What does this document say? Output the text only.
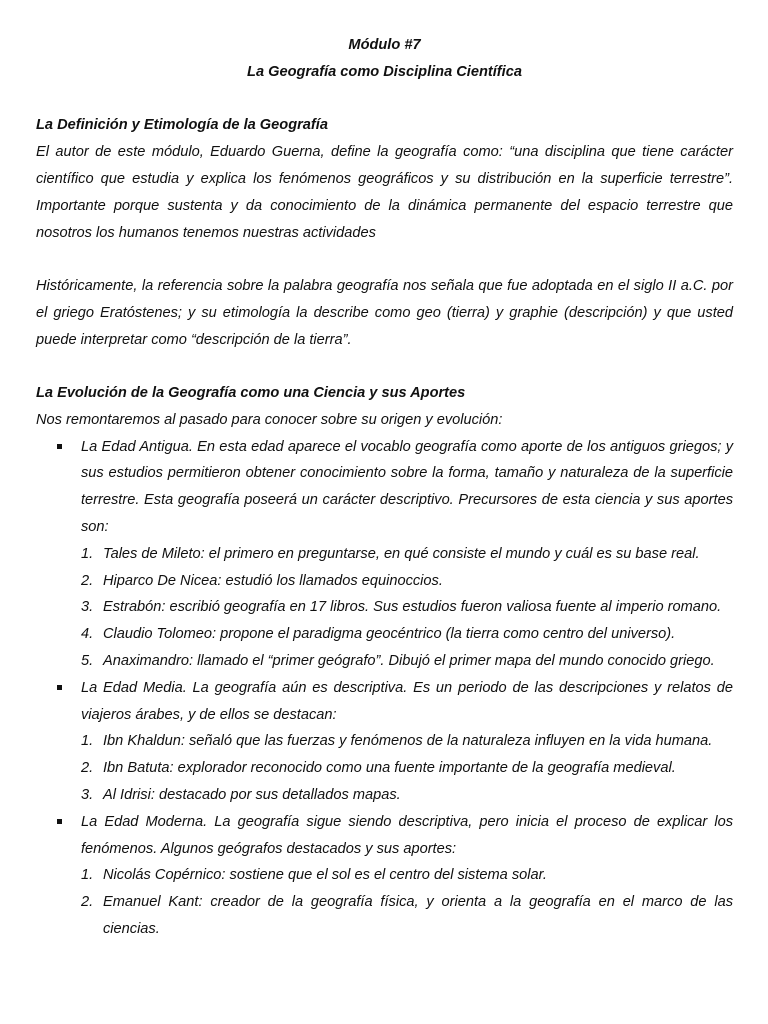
Módulo #7

La Geografía como Disciplina Científica

La Definición y Etimología de la Geografía

El autor de este módulo, Eduardo Guerna, define la geografía como: “una disciplina que tiene carácter científico que estudia y explica los fenómenos geográficos y su distribución en la superficie terrestre”. Importante porque sustenta y da conocimiento de la dinámica permanente del espacio terrestre que nosotros los humanos tenemos nuestras actividades

Históricamente, la referencia sobre la palabra geografía nos señala que fue adoptada en el siglo II a.C. por el griego Eratóstenes; y su etimología la describe como geo (tierra) y graphie (descripción) y que usted puede interpretar como “descripción de la tierra”.

La Evolución de la Geografía como una Ciencia y sus Aportes

Nos remontaremos al pasado para conocer sobre su origen y evolución:

La Edad Antigua. En esta edad aparece el vocablo geografía como aporte de los antiguos griegos; y sus estudios permitieron obtener conocimiento sobre la forma, tamaño y naturaleza de la superficie terrestre. Esta geografía poseerá un carácter descriptivo. Precursores de esta ciencia y sus aportes son:
1. Tales de Mileto: el primero en preguntarse, en qué consiste el mundo y cuál es su base real.
2. Hiparco De Nicea: estudió los llamados equinoccios.
3. Estrabón: escribió geografía en 17 libros. Sus estudios fueron valiosa fuente al imperio romano.
4. Claudio Tolomeo: propone el paradigma geocéntrico (la tierra como centro del universo).
5. Anaximandro: llamado el “primer geógrafo”. Dibujó el primer mapa del mundo conocido griego.
La Edad Media. La geografía aún es descriptiva. Es un periodo de las descripciones y relatos de viajeros árabes, y de ellos se destacan:
1. Ibn Khaldun: señaló que las fuerzas y fenómenos de la naturaleza influyen en la vida humana.
2. Ibn Batuta: explorador reconocido como una fuente importante de la geografía medieval.
3. Al Idrisi: destacado por sus detallados mapas.
La Edad Moderna. La geografía sigue siendo descriptiva, pero inicia el proceso de explicar los fenómenos. Algunos geógrafos destacados y sus aportes:
1. Nicolás Copérnico: sostiene que el sol es el centro del sistema solar.
2. Emanuel Kant: creador de la geografía física, y orienta a la geografía en el marco de las ciencias.
